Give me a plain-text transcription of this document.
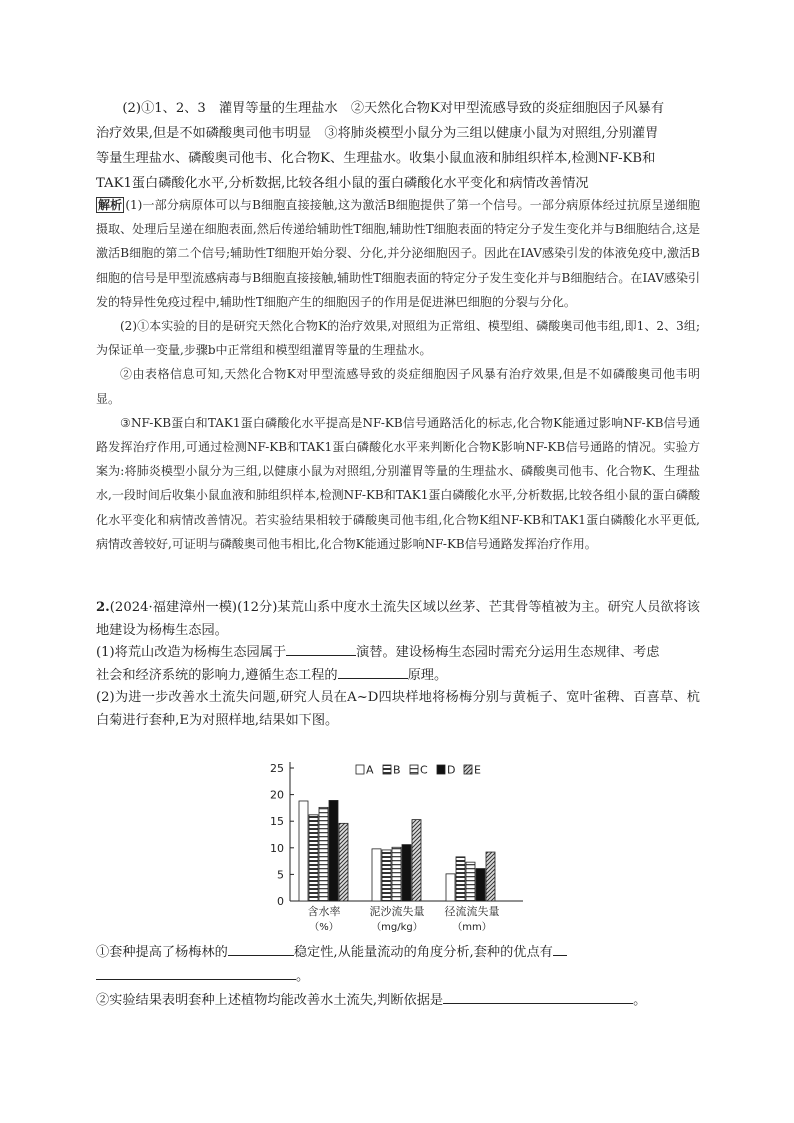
(2)①1、2、3　灌胃等量的生理盐水　②天然化合物K对甲型流感导致的炎症细胞因子风暴有
治疗效果,但是不如磷酸奥司他韦明显　③将肺炎模型小鼠分为三组以健康小鼠为对照组,分别灌胃
等量生理盐水、磷酸奥司他韦、化合物K、生理盐水。收集小鼠血液和肺组织样本,检测NF-KB和
TAK1蛋白磷酸化水平,分析数据,比较各组小鼠的蛋白磷酸化水平变化和病情改善情况
解析 (1)一部分病原体可以与B细胞直接接触,这为激活B细胞提供了第一个信号。一部分病原体经过抗原呈递细胞摄取、处理后呈递在细胞表面,然后传递给辅助性T细胞,辅助性T细胞表面的特定分子发生变化并与B细胞结合,这是激活B细胞的第二个信号;辅助性T细胞开始分裂、分化,并分泌细胞因子。因此在IAV感染引发的体液免疫中,激活B细胞的信号是甲型流感病毒与B细胞直接接触,辅助性T细胞表面的特定分子发生变化并与B细胞结合。在IAV感染引发的特异性免疫过程中,辅助性T细胞产生的细胞因子的作用是促进淋巴细胞的分裂与分化。
(2)①本实验的目的是研究天然化合物K的治疗效果,对照组为正常组、模型组、磷酸奥司他韦组,即1、2、3组;为保证单一变量,步骤b中正常组和模型组灌胃等量的生理盐水。
②由表格信息可知,天然化合物K对甲型流感导致的炎症细胞因子风暴有治疗效果,但是不如磷酸奥司他韦明显。
③NF-KB蛋白和TAK1蛋白磷酸化水平提高是NF-KB信号通路活化的标志,化合物K能通过影响NF-KB信号通路发挥治疗作用,可通过检测NF-KB和TAK1蛋白磷酸化水平来判断化合物K影响NF-KB信号通路的情况。实验方案为:将肺炎模型小鼠分为三组,以健康小鼠为对照组,分别灌胃等量的生理盐水、磷酸奥司他韦、化合物K、生理盐水,一段时间后收集小鼠血液和肺组织样本,检测NF-KB和TAK1蛋白磷酸化水平,分析数据,比较各组小鼠的蛋白磷酸化水平变化和病情改善情况。若实验结果相较于磷酸奥司他韦组,化合物K组NF-KB和TAK1蛋白磷酸化水平更低,病情改善较好,可证明与磷酸奥司他韦相比,化合物K能通过影响NF-KB信号通路发挥治疗作用。
2.(2024·福建漳州一模)(12分)某荒山系中度水土流失区域以丝茅、芒萁骨等植被为主。研究人员欲将该地建设为杨梅生态园。
(1)将荒山改造为杨梅生态园属于	演替。建设杨梅生态园时需充分运用生态规律、考虑
社会和经济系统的影响力,遵循生态工程的	原理。
(2)为进一步改善水土流失问题,研究人员在A~D四块样地将杨梅分别与黄栀子、宽叶雀稗、百喜草、杭白菊进行套种,E为对照样地,结果如下图。
0
5
10
15
20
25	A B C D E
含水率
（%）
泥沙流失量
（mg/kg）
径流流失量
（mm）
①套种提高了杨梅林的	稳定性,从能量流动的角度分析,套种的优点有
。
②实验结果表明套种上述植物均能改善水土流失,判断依据是	。
